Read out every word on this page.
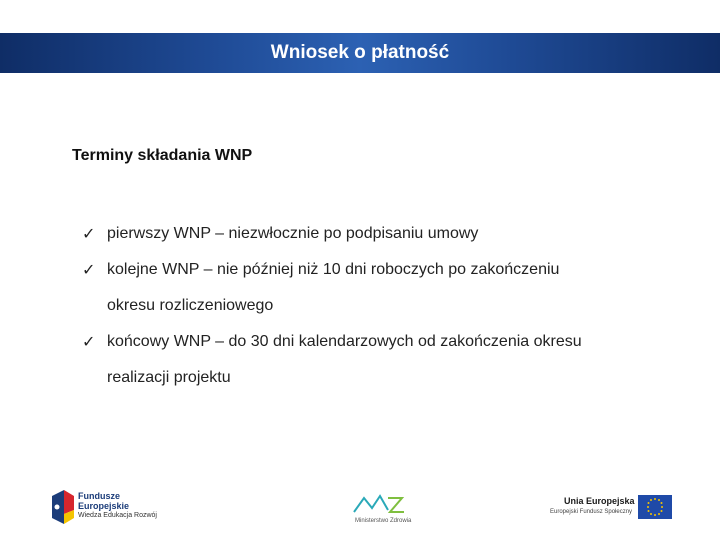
Wniosek o płatność
Terminy składania WNP
✓ pierwszy WNP – niezwłocznie po podpisaniu umowy
✓ kolejne WNP – nie później niż 10 dni roboczych po zakończeniu
okresu rozliczeniowego
✓ końcowy WNP – do 30 dni kalendarzowych od zakończenia okresu
realizacji projektu
Fundusze
Europejskie
Wiedza Edukacja Rozwój
Ministerstwo Zdrowia
Unia Europejska
Europejski Fundusz Społeczny
